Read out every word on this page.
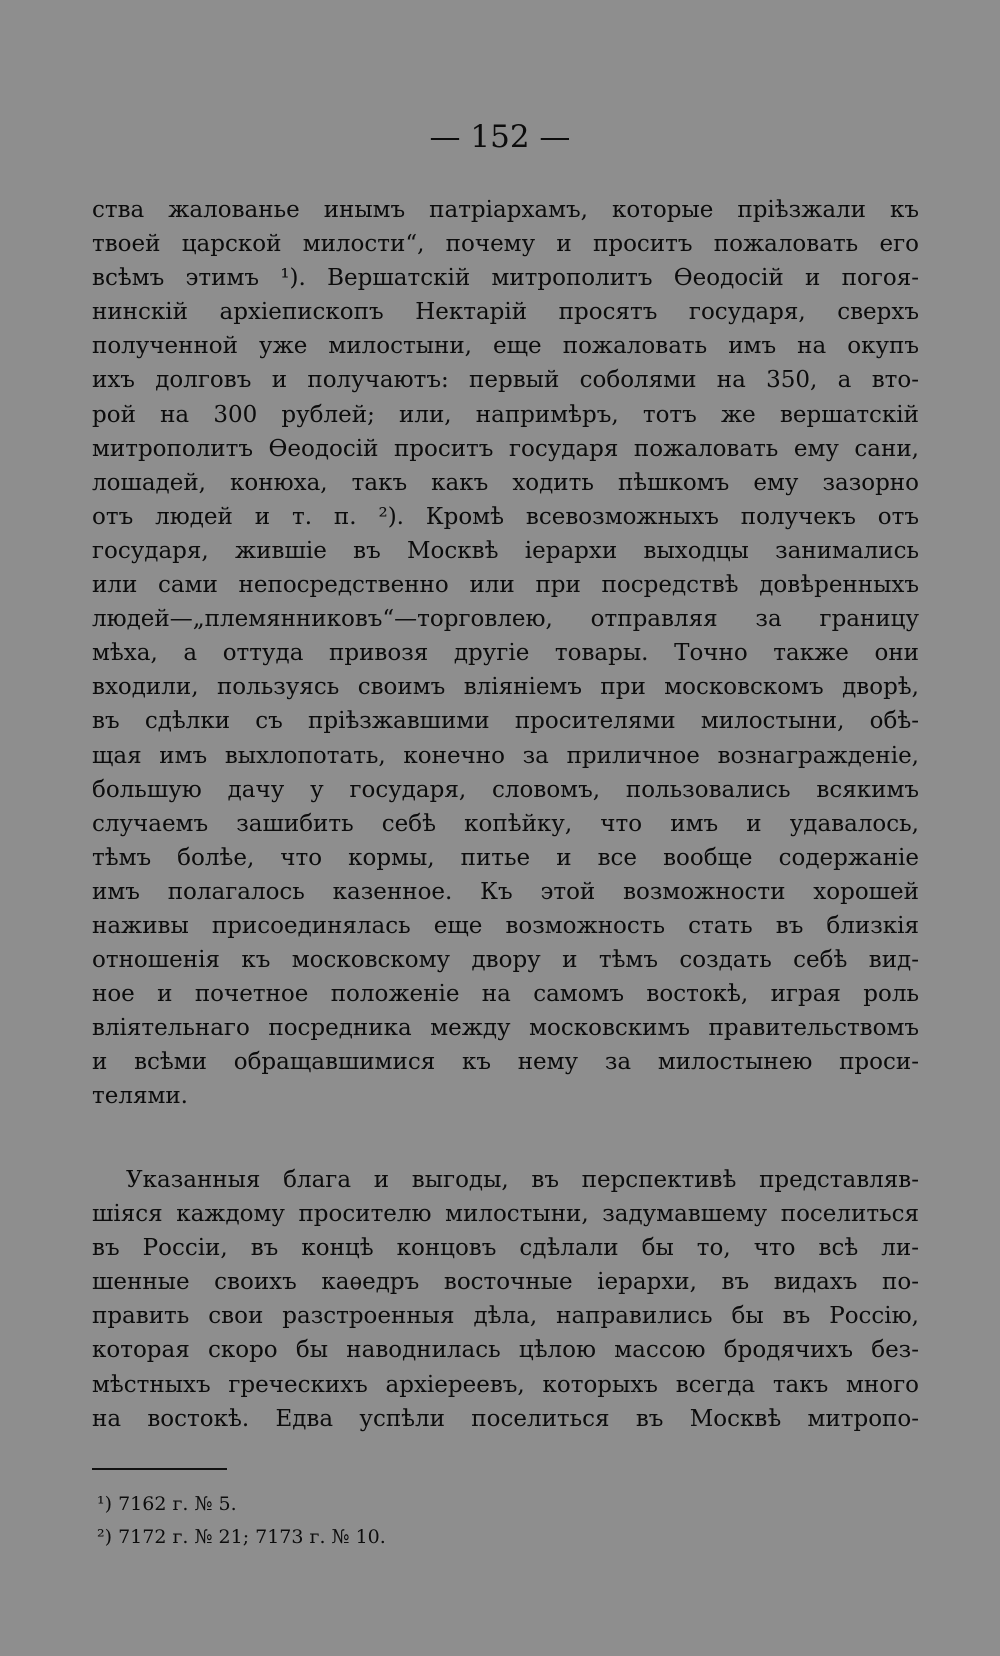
— 152 —
ства жалованье инымъ патріархамъ, которые пріѣзжали къ
твоей царской милости“, почему и проситъ пожаловать его
всѣмъ этимъ ¹). Вершатскій митрополитъ Ѳеодосій и погоя-
нинскій архіепископъ Нектарій просятъ государя, сверхъ
полученной уже милостыни, еще пожаловать имъ на окупъ
ихъ долговъ и получаютъ: первый соболями на 350, а вто-
рой на 300 рублей; или, напримѣръ, тотъ же вершатскій
митрополитъ Ѳеодосій проситъ государя пожаловать ему сани,
лошадей, конюха, такъ какъ ходить пѣшкомъ ему зазорно
отъ людей и т. п. ²). Кромѣ всевозможныхъ получекъ отъ
государя, жившіе въ Москвѣ іерархи выходцы занимались
или сами непосредственно или при посредствѣ довѣренныхъ
людей—„племянниковъ“—торговлею, отправляя за границу
мѣха, а оттуда привозя другіе товары. Точно также они
входили, пользуясь своимъ вліяніемъ при московскомъ дворѣ,
въ сдѣлки съ пріѣзжавшими просителями милостыни, обѣ-
щая имъ выхлопотать, конечно за приличное вознагражденіе,
большую дачу у государя, словомъ, пользовались всякимъ
случаемъ зашибить себѣ копѣйку, что имъ и удавалось,
тѣмъ болѣе, что кормы, питье и все вообще содержаніе
имъ полагалось казенное. Къ этой возможности хорошей
наживы присоединялась еще возможность стать въ близкія
отношенія къ московскому двору и тѣмъ создать себѣ вид-
ное и почетное положеніе на самомъ востокѣ, играя роль
вліятельнаго посредника между московскимъ правительствомъ
и всѣми обращавшимися къ нему за милостынею проси-
телями.
Указанныя блага и выгоды, въ перспективѣ представляв-
шіяся каждому просителю милостыни, задумавшему поселиться
въ Россіи, въ концѣ концовъ сдѣлали бы то, что всѣ ли-
шенные своихъ каѳедръ восточные іерархи, въ видахъ по-
править свои разстроенныя дѣла, направились бы въ Россію,
которая скоро бы наводнилась цѣлою массою бродячихъ без-
мѣстныхъ греческихъ архіереевъ, которыхъ всегда такъ много
на востокѣ. Едва успѣли поселиться въ Москвѣ митропо-
¹) 7162 г. № 5.
²) 7172 г. № 21; 7173 г. № 10.
